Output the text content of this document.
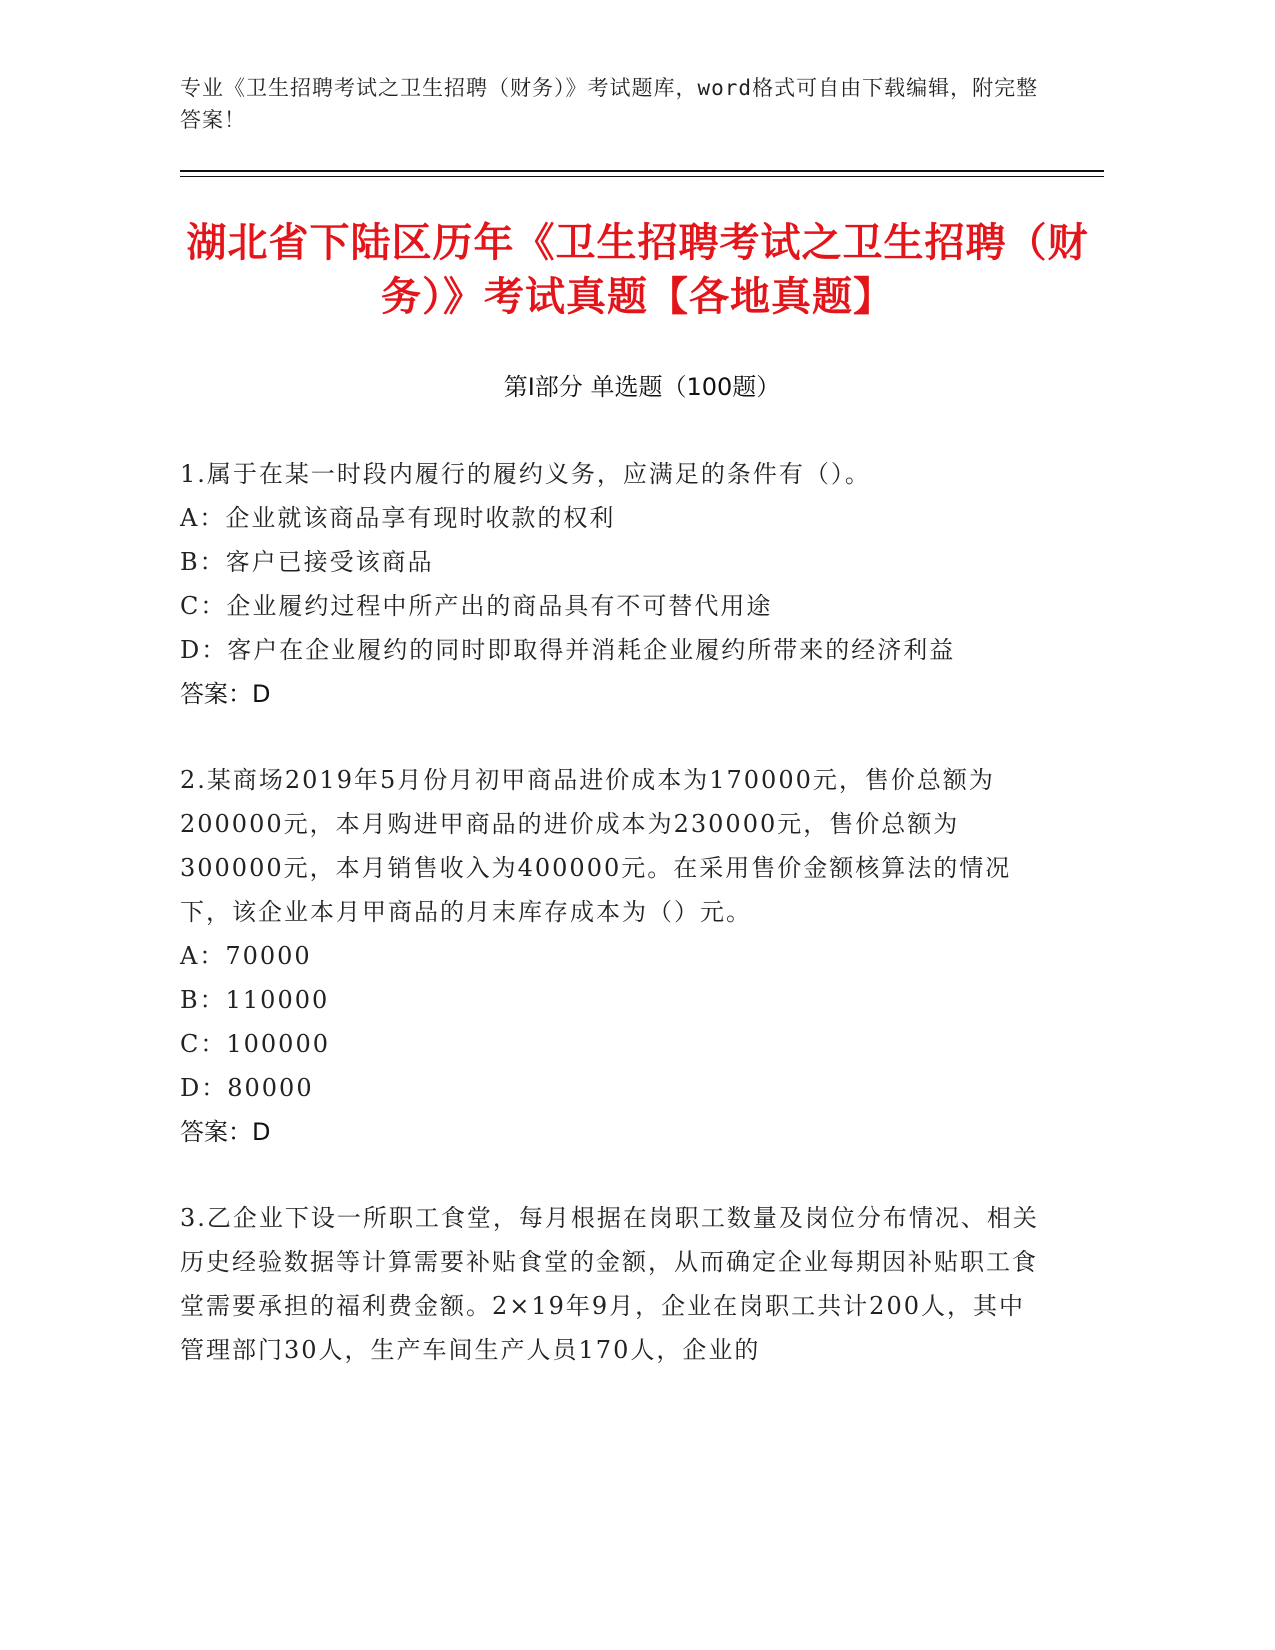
专业《卫生招聘考试之卫生招聘（财务）》考试题库，word格式可自由下载编辑，附完整答案！
湖北省下陆区历年《卫生招聘考试之卫生招聘（财务）》考试真题【各地真题】
第Ⅰ部分 单选题（100题）

1.属于在某一时段内履行的履约义务，应满足的条件有（）。

A：企业就该商品享有现时收款的权利

B：客户已接受该商品

C：企业履约过程中所产出的商品具有不可替代用途

D：客户在企业履约的同时即取得并消耗企业履约所带来的经济利益

答案：D

2.某商场2019年5月份月初甲商品进价成本为170000元，售价总额为200000元，本月购进甲商品的进价成本为230000元，售价总额为300000元，本月销售收入为400000元。在采用售价金额核算法的情况下，该企业本月甲商品的月末库存成本为（）元。

A：70000

B：110000

C：100000

D：80000

答案：D

3.乙企业下设一所职工食堂，每月根据在岗职工数量及岗位分布情况、相关历史经验数据等计算需要补贴食堂的金额，从而确定企业每期因补贴职工食堂需要承担的福利费金额。2×19年9月，企业在岗职工共计200人，其中管理部门30人，生产车间生产人员170人，企业的
